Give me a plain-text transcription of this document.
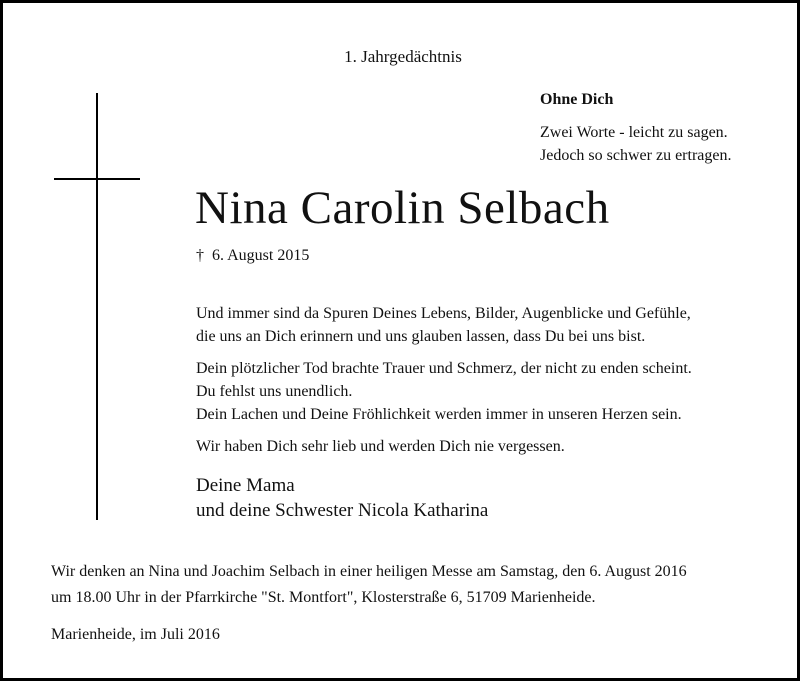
1. Jahrgedächtnis
Ohne Dich
Zwei Worte - leicht zu sagen.
Jedoch so schwer zu ertragen.
Nina Carolin Selbach
† 6. August 2015

Und immer sind da Spuren Deines Lebens, Bilder, Augenblicke und Gefühle,
die uns an Dich erinnern und uns glauben lassen, dass Du bei uns bist.

Dein plötzlicher Tod brachte Trauer und Schmerz, der nicht zu enden scheint.
Du fehlst uns unendlich.
Dein Lachen und Deine Fröhlichkeit werden immer in unseren Herzen sein.

Wir haben Dich sehr lieb und werden Dich nie vergessen.

Deine Mama
und deine Schwester Nicola Katharina
Wir denken an Nina und Joachim Selbach in einer heiligen Messe am Samstag, den 6. August 2016
um 18.00 Uhr in der Pfarrkirche "St. Montfort", Klosterstraße 6, 51709 Marienheide.
Marienheide, im Juli 2016
